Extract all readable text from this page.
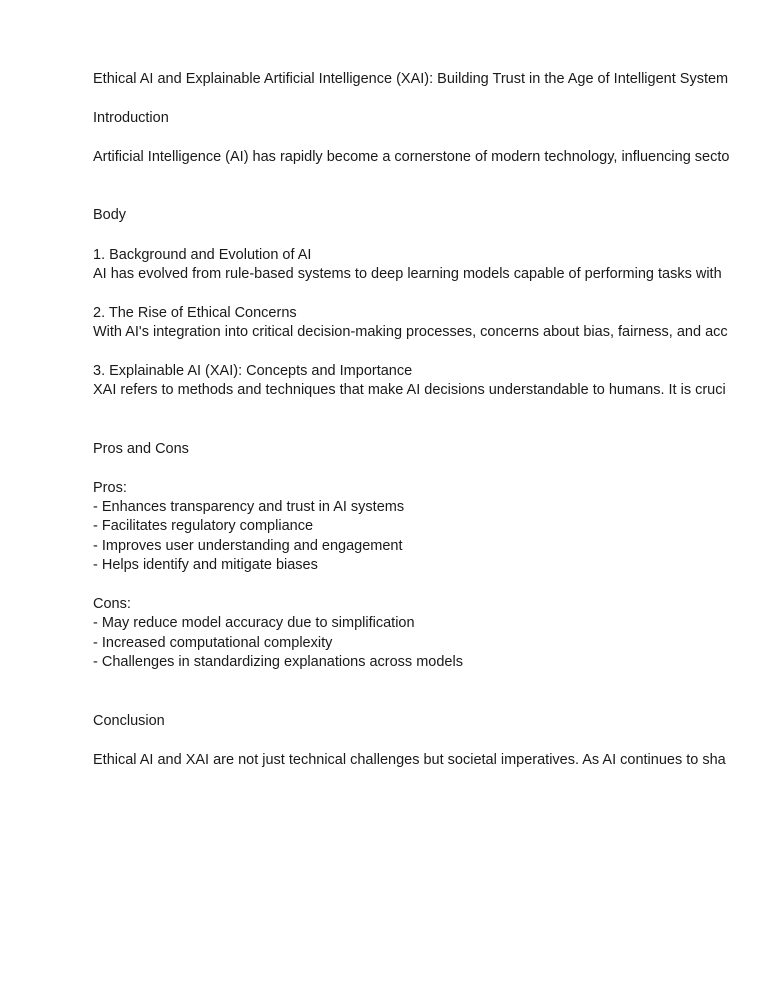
Ethical AI and Explainable Artificial Intelligence (XAI): Building Trust in the Age of Intelligent System

Introduction

Artificial Intelligence (AI) has rapidly become a cornerstone of modern technology, influencing secto

Body

1. Background and Evolution of AI

AI has evolved from rule-based systems to deep learning models capable of performing tasks with

2. The Rise of Ethical Concerns

With AI's integration into critical decision-making processes, concerns about bias, fairness, and acc

3. Explainable AI (XAI): Concepts and Importance

XAI refers to methods and techniques that make AI decisions understandable to humans. It is cruci

Pros and Cons

Pros:

- Enhances transparency and trust in AI systems

- Facilitates regulatory compliance

- Improves user understanding and engagement

- Helps identify and mitigate biases

Cons:

- May reduce model accuracy due to simplification

- Increased computational complexity

- Challenges in standardizing explanations across models

Conclusion

Ethical AI and XAI are not just technical challenges but societal imperatives. As AI continues to sha
